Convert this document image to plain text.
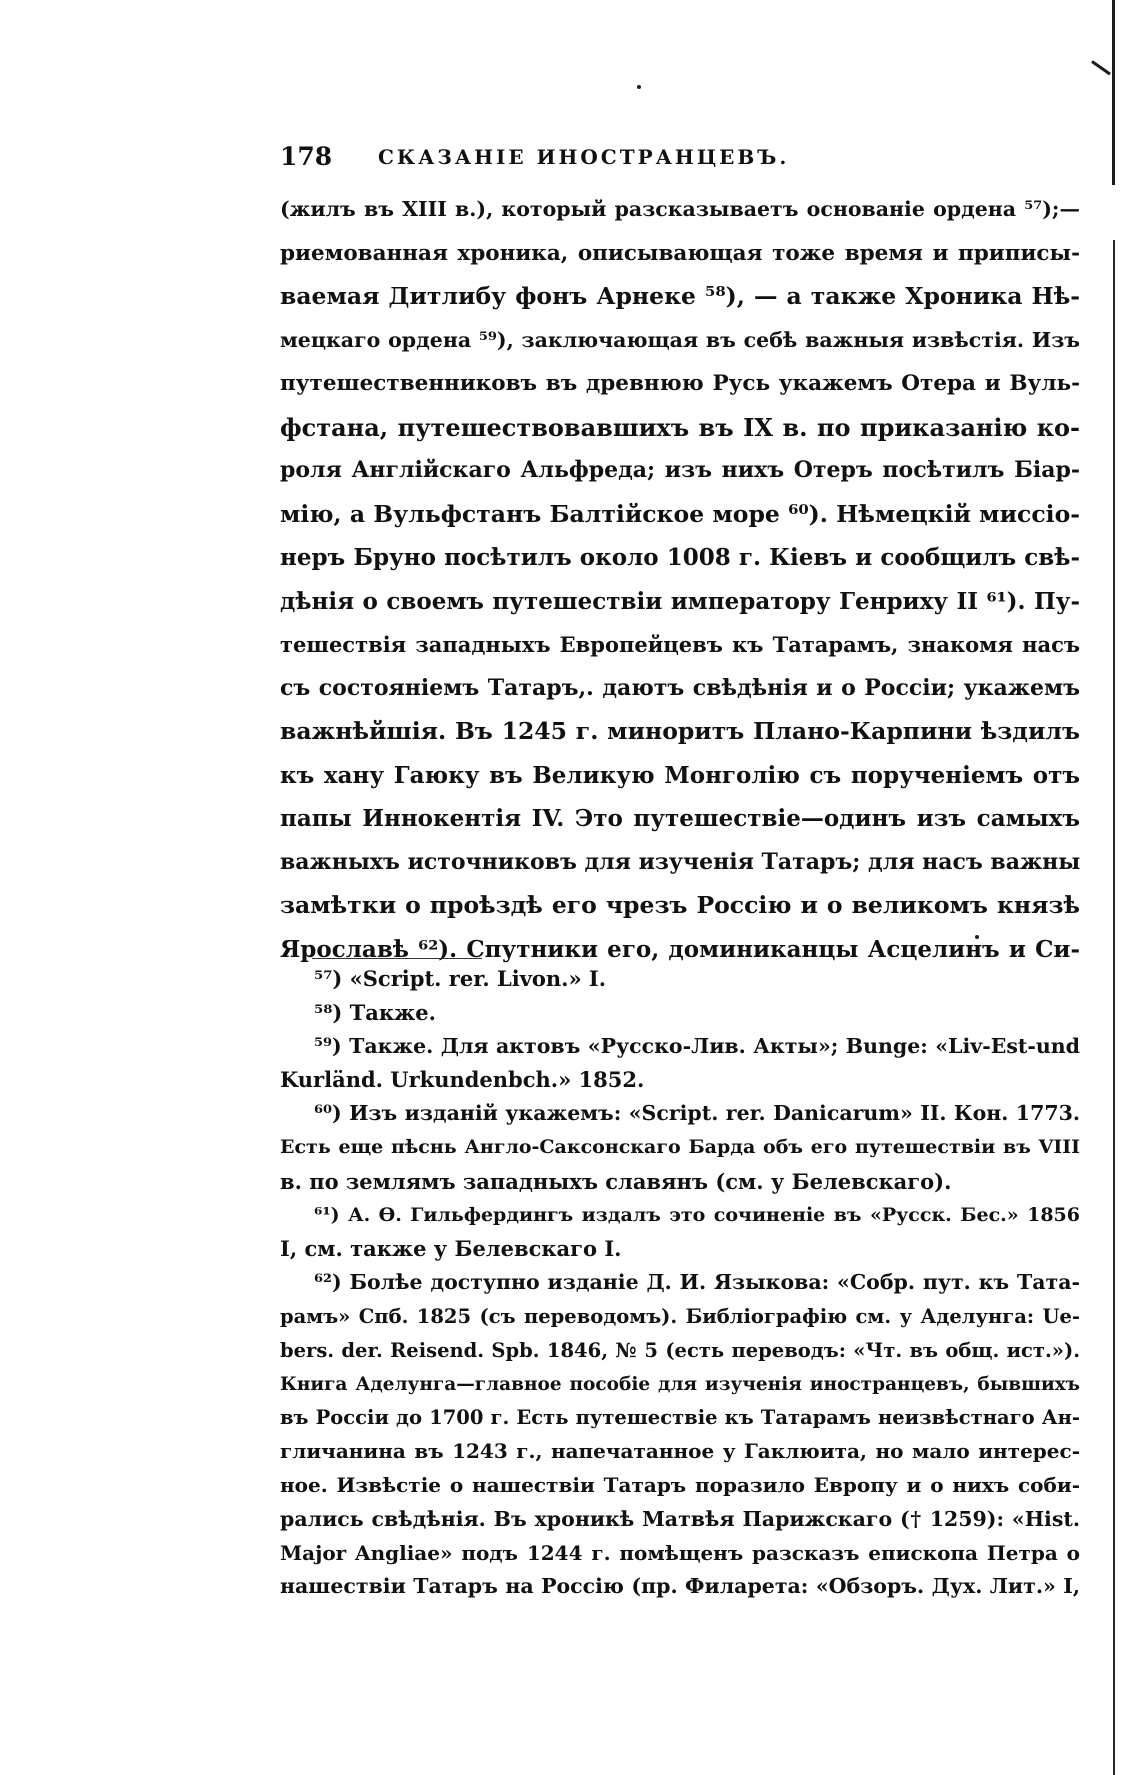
178 СКАЗАНІЕ ИНОСТРАНЦЕВЪ.
(жилъ въ XIII в.), который разсказываетъ основаніе ордена ⁵⁷);—
риемованная хроника, описывающая тоже время и приписы-
ваемая Дитлибу фонъ Арнеке ⁵⁸), — а также Хроника Нѣ-
мецкаго ордена ⁵⁹), заключающая въ себѣ важныя извѣстія. Изъ
путешественниковъ въ древнюю Русь укажемъ Отера и Вуль-
фстана, путешествовавшихъ въ IX в. по приказанію ко-
роля Англійскаго Альфреда; изъ нихъ Отеръ посѣтилъ Біар-
мію, а Вульфстанъ Балтійское море ⁶⁰). Нѣмецкій миссіо-
неръ Бруно посѣтилъ около 1008 г. Кіевъ и сообщилъ свѣ-
дѣнія о своемъ путешествіи императору Генриху II ⁶¹). Пу-
тешествія западныхъ Европейцевъ къ Татарамъ, знакомя насъ
съ состояніемъ Татаръ,. даютъ свѣдѣнія и о Россіи; укажемъ
важнѣйшія. Въ 1245 г. миноритъ Плано-Карпини ѣздилъ
къ хану Гаюку въ Великую Монголію съ порученіемъ отъ
папы Иннокентія IV. Это путешествіе—одинъ изъ самыхъ
важныхъ источниковъ для изученія Татаръ; для насъ важны
замѣтки о проѣздѣ его чрезъ Россію и о великомъ князѣ
Ярославѣ ⁶²). Спутники его, доминиканцы Асцелинъ и Си-
⁵⁷) «Script. rer. Livon.» I.
⁵⁸) Также.
⁵⁹) Также. Для актовъ «Русско-Лив. Акты»; Bunge: «Liv-Est-und
Kurländ. Urkundenbch.» 1852.
⁶⁰) Изъ изданій укажемъ: «Script. rer. Danicarum» II. Кон. 1773.
Есть еще пѣснь Англо-Саксонскаго Барда объ его путешествіи въ VIII
в. по землямъ западныхъ славянъ (см. у Белевскаго).
⁶¹) А. Ө. Гильфердингъ издалъ это сочиненіе въ «Русск. Бес.» 1856
I, см. также у Белевскаго I.
⁶²) Болѣе доступно изданіе Д. И. Языкова: «Собр. пут. къ Тата-
рамъ» Спб. 1825 (съ переводомъ). Библіографію см. у Аделунга: Ue-
bers. der. Reisend. Spb. 1846, № 5 (есть переводъ: «Чт. въ общ. ист.»).
Книга Аделунга—главное пособіе для изученія иностранцевъ, бывшихъ
въ Россіи до 1700 г. Есть путешествіе къ Татарамъ неизвѣстнаго Ан-
гличанина въ 1243 г., напечатанное у Гаклюита, но мало интерес-
ное. Извѣстіе о нашествіи Татаръ поразило Европу и о нихъ соби-
рались свѣдѣнія. Въ хроникѣ Матвѣя Парижскаго († 1259): «Hist.
Major Angliae» подъ 1244 г. помѣщенъ разсказъ епископа Петра о
нашествіи Татаръ на Россію (пр. Филарета: «Обзоръ. Дух. Лит.» I,
